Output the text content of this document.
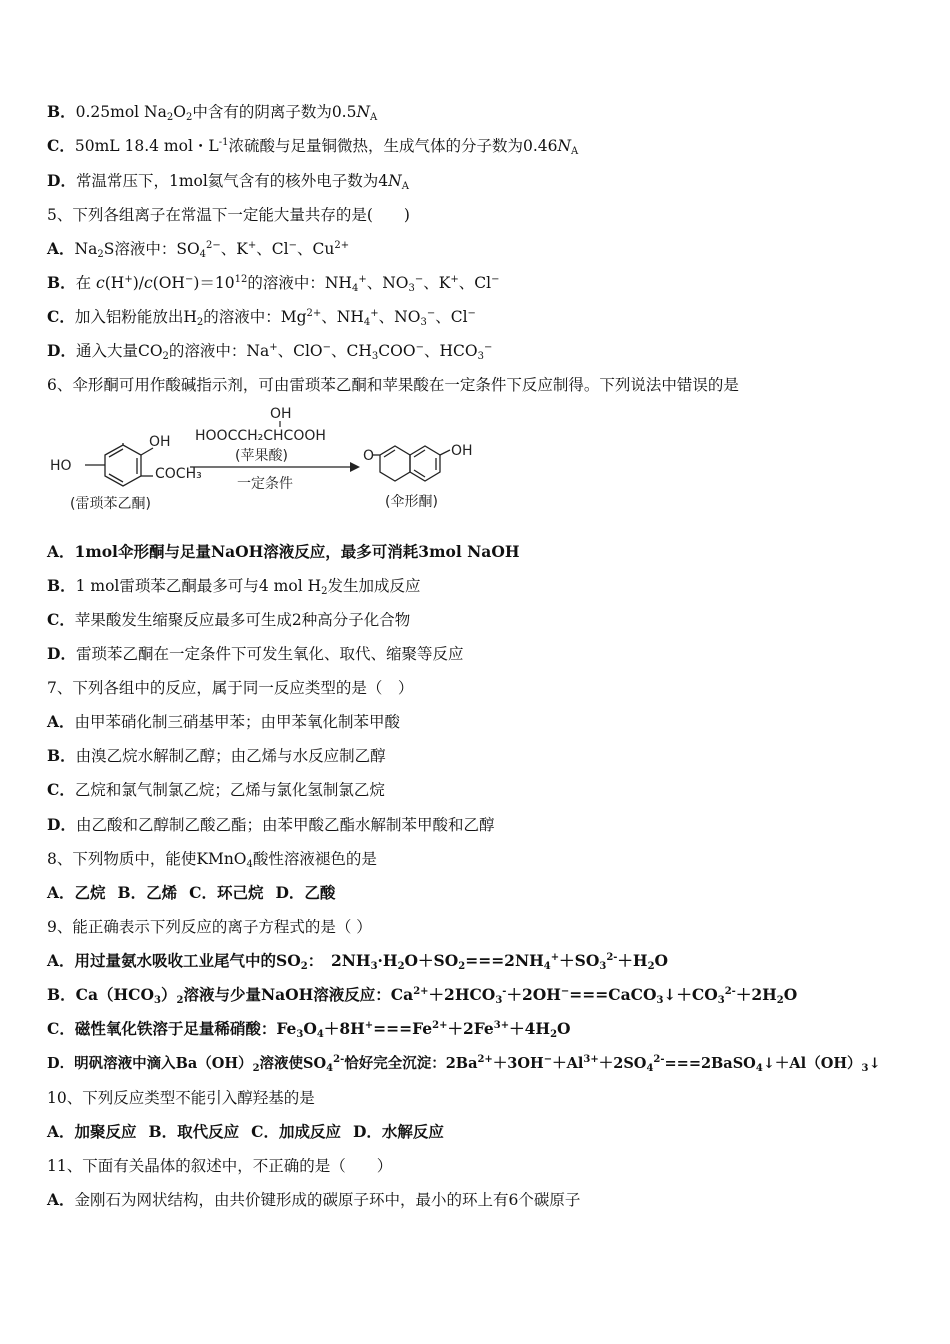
B．0.25mol $Na_2O_2$中含有的阴离子数为$0.5N_A$
C．50mL 18.4 mol・$L^{-1}$浓硫酸与足量铜微热，生成气体的分子数为$0.46N_A$
D．常温常压下，1mol氦气含有的核外电子数为$4N_A$
5、下列各组离子在常温下一定能大量共存的是(　　)
A．$Na_2S$溶液中：$SO_4^{2-}$、K+、Cl−、$Cu^{2+}$
B．在 $c(H^+)/c(OH^-)=10^{12}$的溶液中：$NH_4^+$、$NO_3^-$、K+、Cl−
C．加入铝粉能放出$H_2$的溶液中：$Mg^{2+}$、$NH_4^+$、$NO_3^-$、Cl−
D．通入大量$CO_2$的溶液中：Na+、ClO−、$CH_3COO^-$、$HCO_3^-$
6、伞形酮可用作酸碱指示剂，可由雷琐苯乙酮和苹果酸在一定条件下反应制得。下列说法中错误的是
OH
HO	COCH₃
(雷琐苯乙酮)
OH
HOOCCH₂CHCOOH
(苹果酸)
一定条件
O	OH
(伞形酮)
A．1mol伞形酮与足量NaOH溶液反应，最多可消耗3mol NaOH
B．1 mol雷琐苯乙酮最多可与4 mol $H_2$发生加成反应
C．苹果酸发生缩聚反应最多可生成2种高分子化合物
D．雷琐苯乙酮在一定条件下可发生氧化、取代、缩聚等反应
7、下列各组中的反应，属于同一反应类型的是（　）
A．由甲苯硝化制三硝基甲苯；由甲苯氧化制苯甲酸
B．由溴乙烷水解制乙醇；由乙烯与水反应制乙醇
C．乙烷和氯气制氯乙烷；乙烯与氯化氢制氯乙烷
D．由乙酸和乙醇制乙酸乙酯；由苯甲酸乙酯水解制苯甲酸和乙醇
8、下列物质中，能使KMnO$_4$酸性溶液褪色的是
A．乙烷 B．乙烯 C．环己烷 D．乙酸
9、能正确表示下列反应的离子方程式的是（ ）
A．用过量氨水吸收工业尾气中的$SO_2$：　$2NH_3\cdot H_2O+SO_2===2NH_4^++SO_3^{2-}+H_2O$
B．$Ca(HCO_3)_2$溶液与少量NaOH溶液反应：$Ca^{2+}+2HCO_3^-+2OH^-===CaCO_3↓+CO_3^{2-}+2H_2O$
C．磁性氧化铁溶于足量稀硝酸：$Fe_3O_4+8H^+===Fe^{2+}+2Fe^{3+}+4H_2O$
D．明矾溶液中滴入$Ba(OH)_2$溶液使$SO_4^{2-}$恰好完全沉淀：$2Ba^{2+}+3OH^-+Al^{3+}+2SO_4^{2-}===2BaSO_4↓+Al(OH)_3↓$
10、下列反应类型不能引入醇羟基的是
A．加聚反应 B．取代反应 C．加成反应 D．水解反应
11、下面有关晶体的叙述中，不正确的是（　　）
A．金刚石为网状结构，由共价键形成的碳原子环中，最小的环上有6个碳原子
